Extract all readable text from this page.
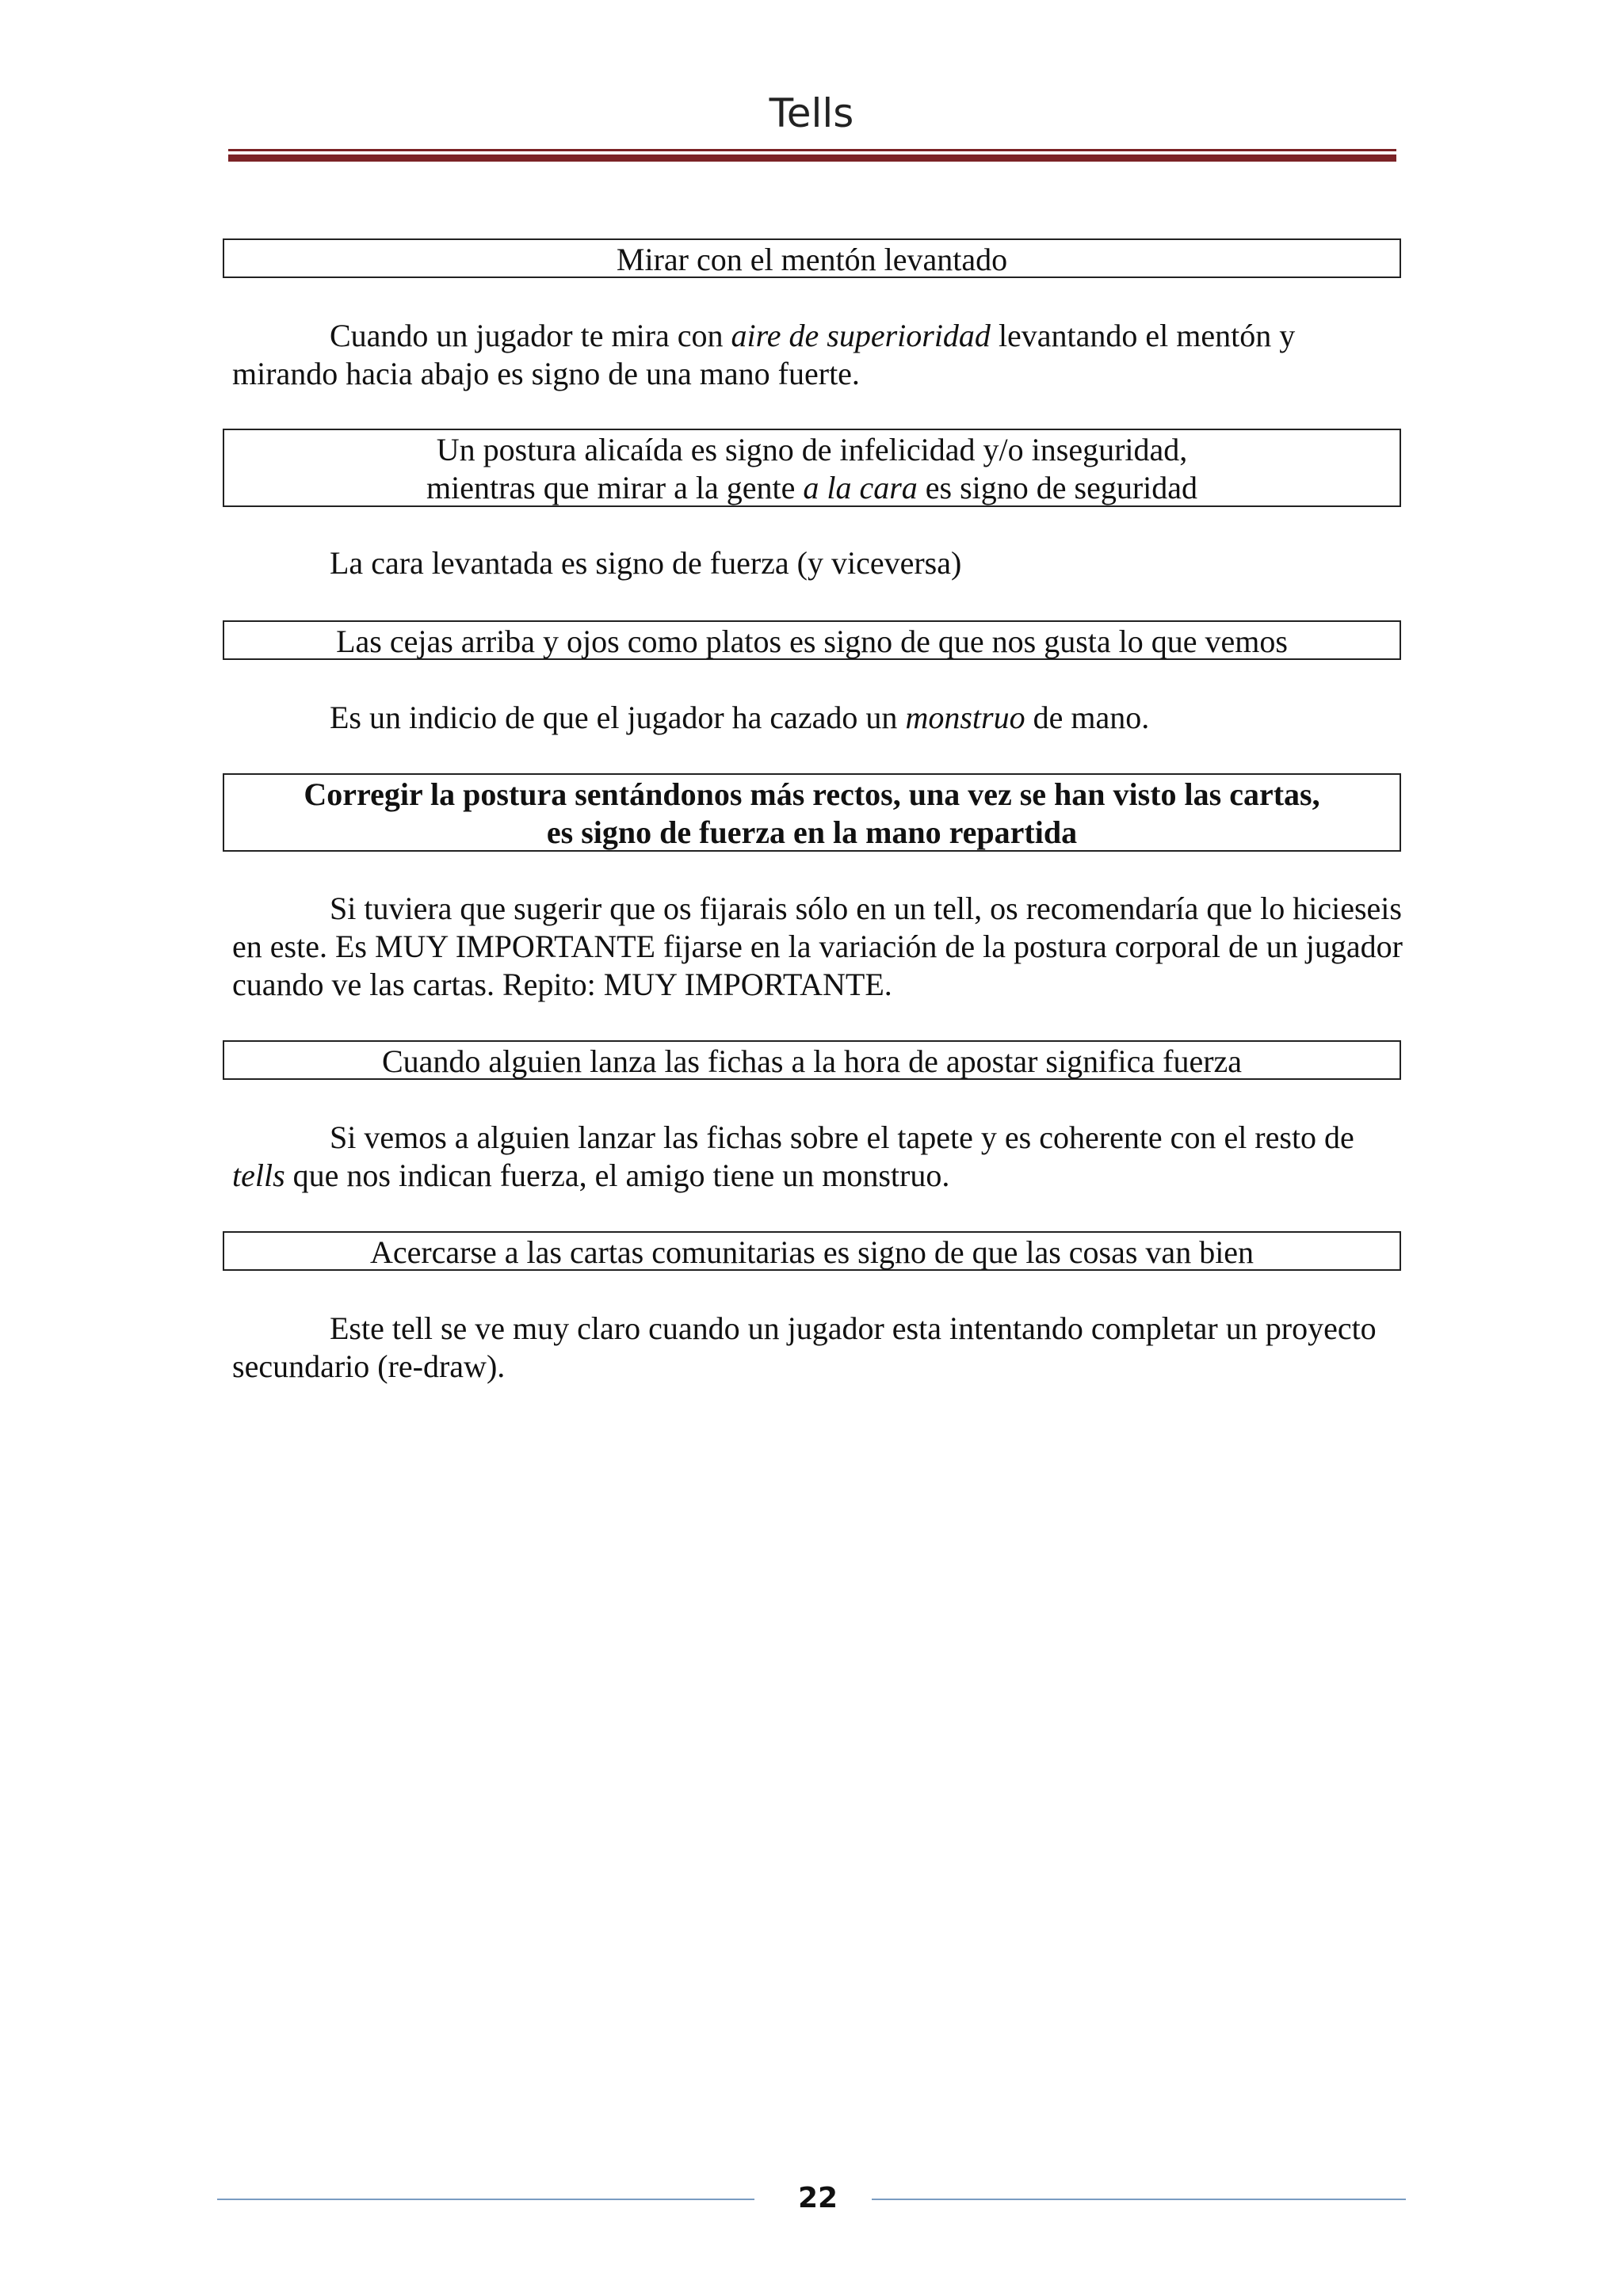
Tells
Mirar con el mentón levantado

Cuando un jugador te mira con aire de superioridad levantando el mentón y mirando hacia abajo es signo de una mano fuerte.

Un postura alicaída es signo de infelicidad y/o inseguridad,
mientras que mirar a la gente a la cara es signo de seguridad

La cara levantada es signo de fuerza (y viceversa)

Las cejas arriba y ojos como platos es signo de que nos gusta lo que vemos

Es un indicio de que el jugador ha cazado un monstruo de mano.

Corregir la postura sentándonos más rectos, una vez se han visto las cartas,
es signo de fuerza en la mano repartida

Si tuviera que sugerir que os fijarais sólo en un tell, os recomendaría que lo hicieseis en este. Es MUY IMPORTANTE fijarse en la variación de la postura corporal de un jugador cuando ve las cartas. Repito: MUY IMPORTANTE.

Cuando alguien lanza las fichas a la hora de apostar significa fuerza

Si vemos a alguien lanzar las fichas sobre el tapete y es coherente con el resto de tells que nos indican fuerza, el amigo tiene un monstruo.

Acercarse a las cartas comunitarias es signo de que las cosas van bien

Este tell se ve muy claro cuando un jugador esta intentando completar un proyecto secundario (re-draw).

22
